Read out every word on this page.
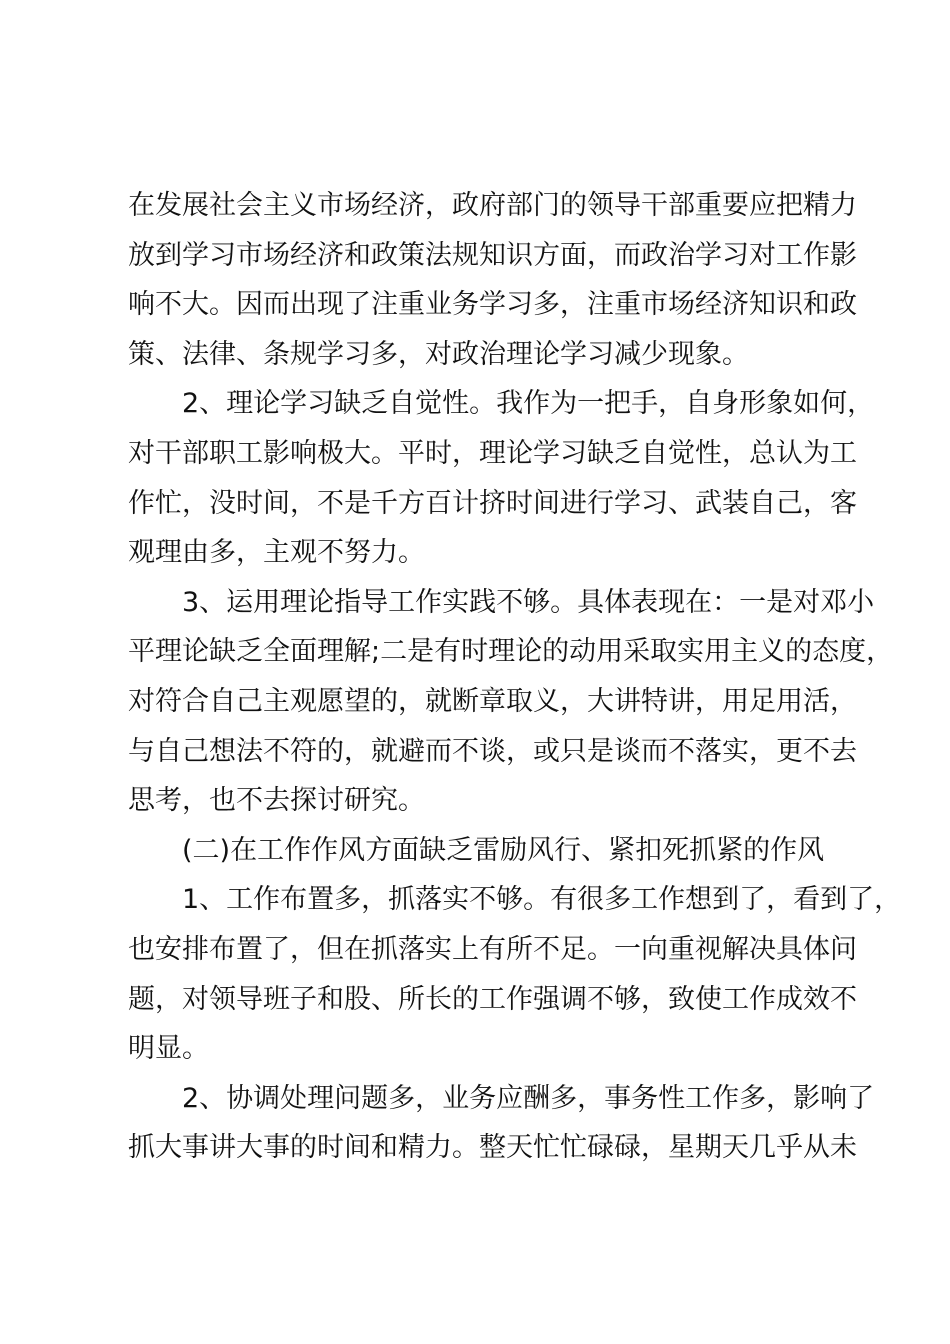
在发展社会主义市场经济，政府部门的领导干部重要应把精力
放到学习市场经济和政策法规知识方面，而政治学习对工作影
响不大。因而出现了注重业务学习多，注重市场经济知识和政
策、法律、条规学习多，对政治理论学习减少现象。
2、理论学习缺乏自觉性。我作为一把手，自身形象如何，
对干部职工影响极大。平时，理论学习缺乏自觉性，总认为工
作忙，没时间，不是千方百计挤时间进行学习、武装自己，客
观理由多，主观不努力。
3、运用理论指导工作实践不够。具体表现在：一是对邓小
平理论缺乏全面理解;二是有时理论的动用采取实用主义的态度，
对符合自己主观愿望的，就断章取义，大讲特讲，用足用活，
与自己想法不符的，就避而不谈，或只是谈而不落实，更不去
思考，也不去探讨研究。
(二)在工作作风方面缺乏雷励风行、紧扣死抓紧的作风
1、工作布置多，抓落实不够。有很多工作想到了，看到了，
也安排布置了，但在抓落实上有所不足。一向重视解决具体问
题，对领导班子和股、所长的工作强调不够，致使工作成效不
明显。
2、协调处理问题多，业务应酬多，事务性工作多，影响了
抓大事讲大事的时间和精力。整天忙忙碌碌，星期天几乎从未
